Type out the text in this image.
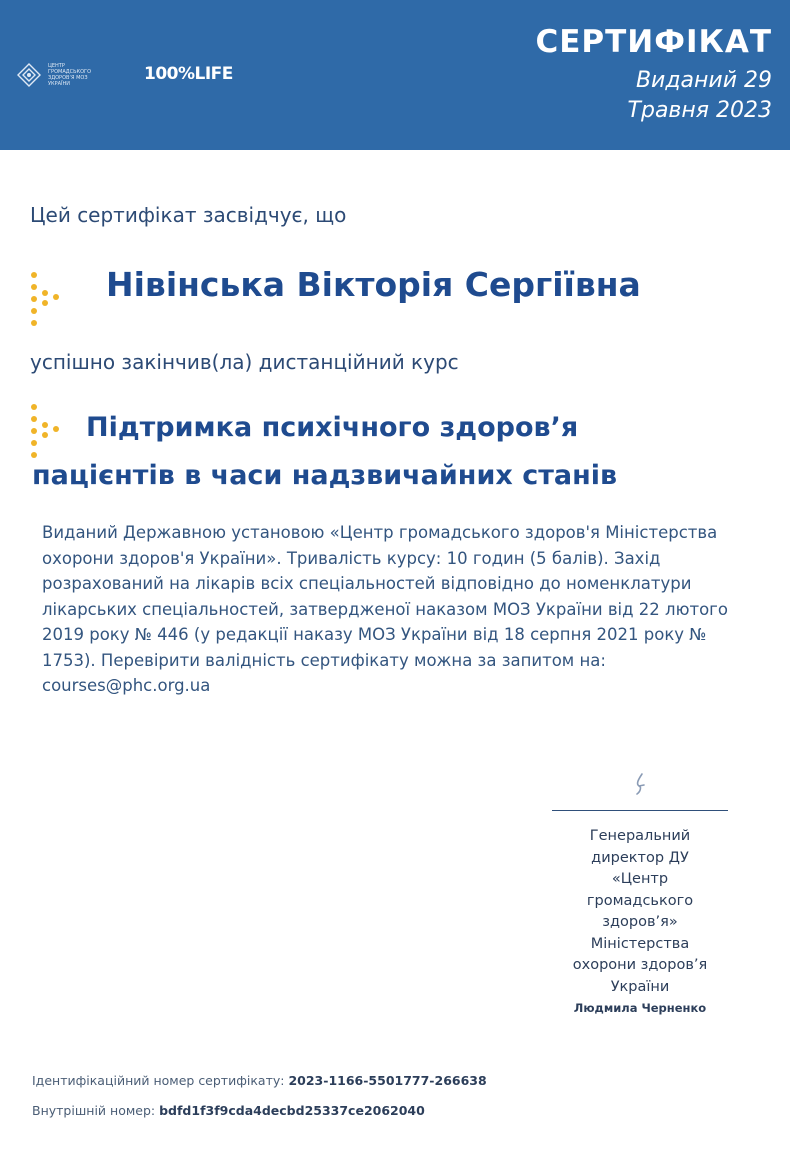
ЦЕНТР ГРОМАДСЬКОГО ЗДОРОВʼЯ МОЗ УКРАЇНИ	100%LIFE
СЕРТИФІКАТ
Виданий 29
Травня 2023
Цей сертифікат засвідчує, що
Нівінська Вікторія Сергіївна
успішно закінчив(ла) дистанційний курс
Підтримка психічного здоров’я
пацієнтів в часи надзвичайних станів

Виданий Державною установою «Центр громадського здоров'я Міністерства охорони здоров'я України». Тривалість курсу: 10 годин (5 балів). Захід розрахований на лікарів всіх спеціальностей відповідно до номенклатури лікарських спеціальностей, затвердженої наказом МОЗ України від 22 лютого 2019 року № 446 (у редакції наказу МОЗ України від 18 серпня 2021 року № 1753). Перевірити валідність сертифікату можна за запитом на: courses@phc.org.ua

Генеральний
директор ДУ
«Центр
громадського
здоров’я»
Міністерства
охорони здоров’я
України
Людмила Черненко
Ідентифікаційний номер сертифікату: 2023-1166-5501777-266638
Внутрішній номер: bdfd1f3f9cda4decbd25337ce2062040
